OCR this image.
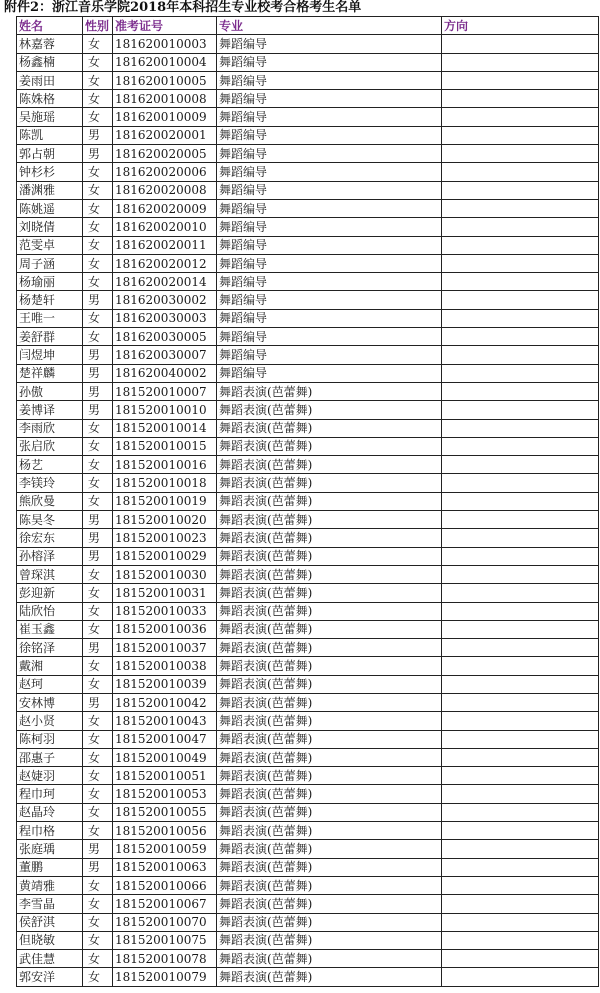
附件2：浙江音乐学院2018年本科招生专业校考合格考生名单
姓名	性别	准考证号	专业	方向
林嘉蓉	女	181620010003	舞蹈编导	
杨鑫楠	女	181620010004	舞蹈编导	
姜雨田	女	181620010005	舞蹈编导	
陈姝格	女	181620010008	舞蹈编导	
吴施瑶	女	181620010009	舞蹈编导	
陈凯	男	181620020001	舞蹈编导	
郭占朝	男	181620020005	舞蹈编导	
钟杉杉	女	181620020006	舞蹈编导	
潘渊雅	女	181620020008	舞蹈编导	
陈姚遥	女	181620020009	舞蹈编导	
刘晓倩	女	181620020010	舞蹈编导	
范雯卓	女	181620020011	舞蹈编导	
周子涵	女	181620020012	舞蹈编导	
杨瑜丽	女	181620020014	舞蹈编导	
杨楚轩	男	181620030002	舞蹈编导	
王唯一	女	181620030003	舞蹈编导	
姜舒群	女	181620030005	舞蹈编导	
闫煜坤	男	181620030007	舞蹈编导	
楚祥麟	男	181620040002	舞蹈编导	
孙傲	男	181520010007	舞蹈表演(芭蕾舞)	
姜博译	男	181520010010	舞蹈表演(芭蕾舞)	
李雨欣	女	181520010014	舞蹈表演(芭蕾舞)	
张启欣	女	181520010015	舞蹈表演(芭蕾舞)	
杨艺	女	181520010016	舞蹈表演(芭蕾舞)	
李镁玲	女	181520010018	舞蹈表演(芭蕾舞)	
熊欣曼	女	181520010019	舞蹈表演(芭蕾舞)	
陈昊冬	男	181520010020	舞蹈表演(芭蕾舞)	
徐宏东	男	181520010023	舞蹈表演(芭蕾舞)	
孙榕泽	男	181520010029	舞蹈表演(芭蕾舞)	
曾琛淇	女	181520010030	舞蹈表演(芭蕾舞)	
彭迎新	女	181520010031	舞蹈表演(芭蕾舞)	
陆欣怡	女	181520010033	舞蹈表演(芭蕾舞)	
崔玉鑫	女	181520010036	舞蹈表演(芭蕾舞)	
徐铭泽	男	181520010037	舞蹈表演(芭蕾舞)	
戴湘	女	181520010038	舞蹈表演(芭蕾舞)	
赵珂	女	181520010039	舞蹈表演(芭蕾舞)	
安林博	男	181520010042	舞蹈表演(芭蕾舞)	
赵小贤	女	181520010043	舞蹈表演(芭蕾舞)	
陈柯羽	女	181520010047	舞蹈表演(芭蕾舞)	
邵惠子	女	181520010049	舞蹈表演(芭蕾舞)	
赵婕羽	女	181520010051	舞蹈表演(芭蕾舞)	
程巾珂	女	181520010053	舞蹈表演(芭蕾舞)	
赵晶玲	女	181520010055	舞蹈表演(芭蕾舞)	
程巾格	女	181520010056	舞蹈表演(芭蕾舞)	
张庭瑀	男	181520010059	舞蹈表演(芭蕾舞)	
董鹏	男	181520010063	舞蹈表演(芭蕾舞)	
黄靖雅	女	181520010066	舞蹈表演(芭蕾舞)	
李雪晶	女	181520010067	舞蹈表演(芭蕾舞)	
侯舒淇	女	181520010070	舞蹈表演(芭蕾舞)	
但晓敏	女	181520010075	舞蹈表演(芭蕾舞)	
武佳慧	女	181520010078	舞蹈表演(芭蕾舞)	
郭安洋	女	181520010079	舞蹈表演(芭蕾舞)	
